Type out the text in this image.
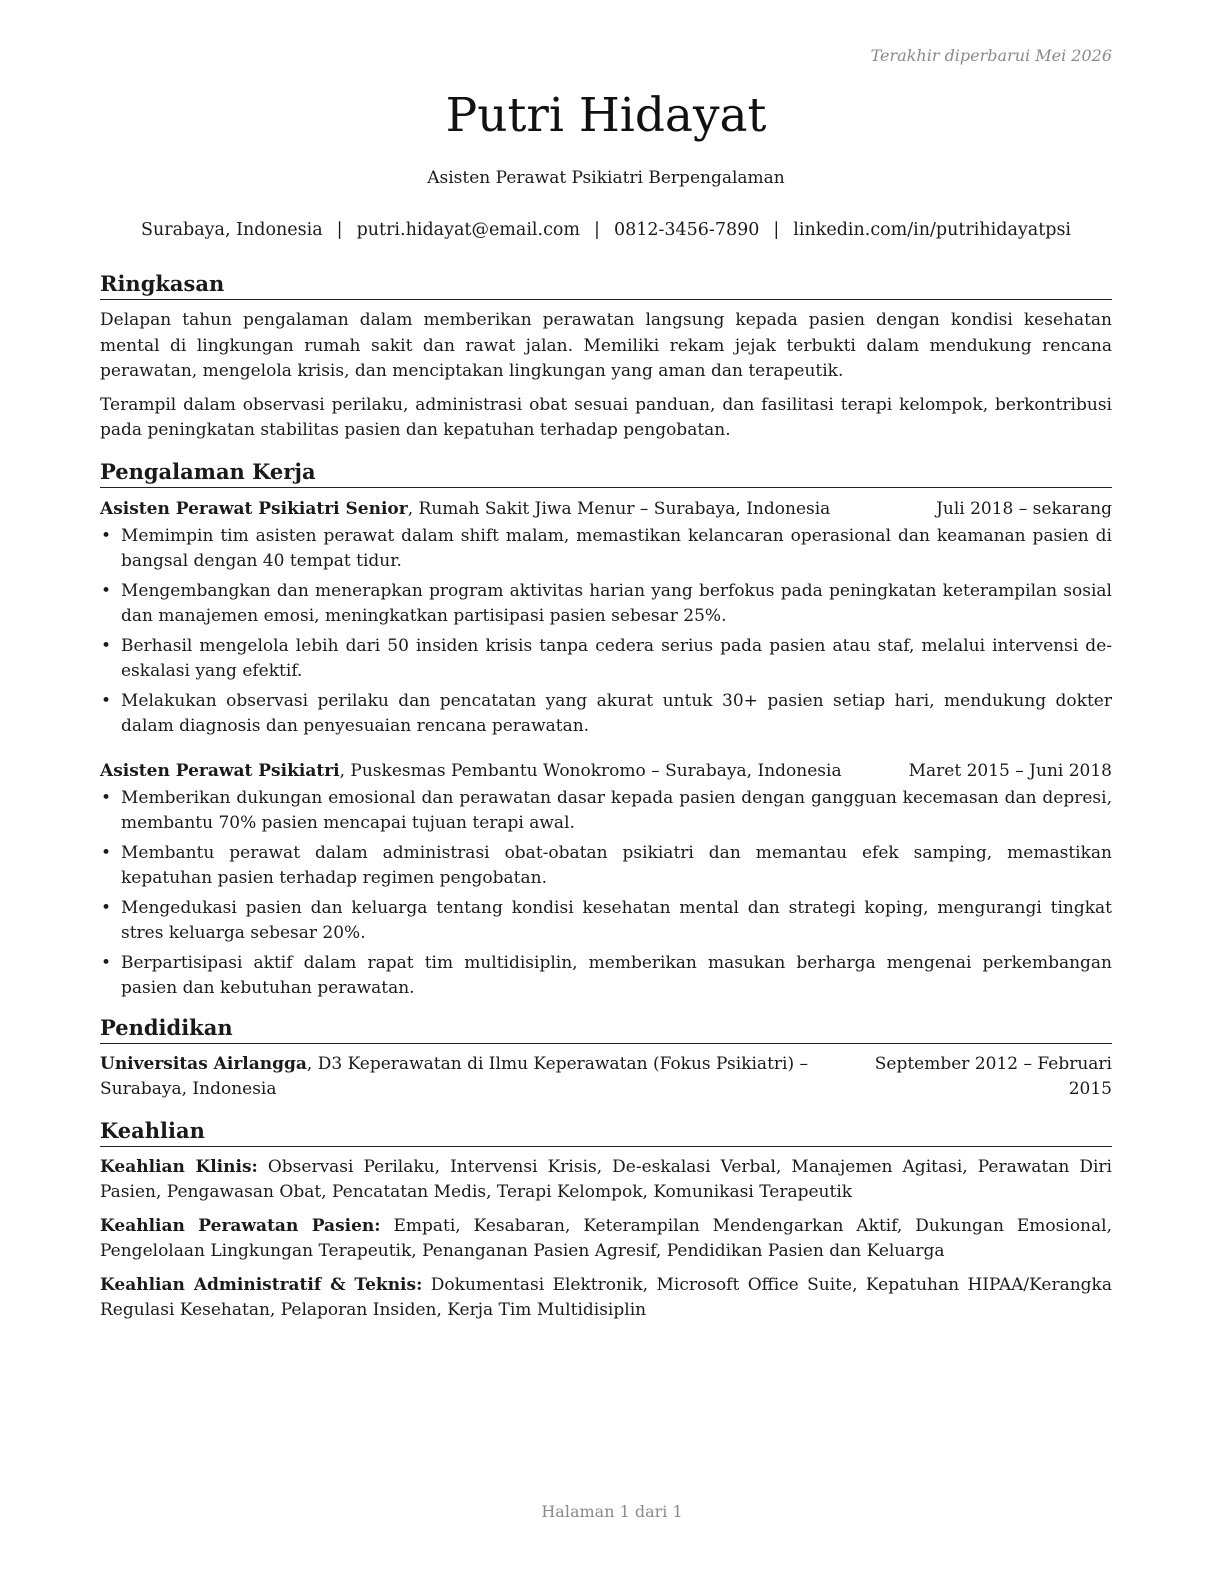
Terakhir diperbarui Mei 2026
Putri Hidayat
Asisten Perawat Psikiatri Berpengalaman
Surabaya, Indonesia | putri.hidayat@email.com | 0812-3456-7890 | linkedin.com/in/putrihidayatpsi
Ringkasan

Delapan tahun pengalaman dalam memberikan perawatan langsung kepada pasien dengan kondisi kesehatan mental di lingkungan rumah sakit dan rawat jalan. Memiliki rekam jejak terbukti dalam mendukung rencana perawatan, mengelola krisis, dan menciptakan lingkungan yang aman dan terapeutik.

Terampil dalam observasi perilaku, administrasi obat sesuai panduan, dan fasilitasi terapi kelompok, berkontribusi pada peningkatan stabilitas pasien dan kepatuhan terhadap pengobatan.

Pengalaman Kerja
Asisten Perawat Psikiatri Senior, Rumah Sakit Jiwa Menur – Surabaya, Indonesia	Juli 2018 – sekarang
• Memimpin tim asisten perawat dalam shift malam, memastikan kelancaran operasional dan keamanan pasien di bangsal dengan 40 tempat tidur.
• Mengembangkan dan menerapkan program aktivitas harian yang berfokus pada peningkatan keterampilan sosial dan manajemen emosi, meningkatkan partisipasi pasien sebesar 25%.
• Berhasil mengelola lebih dari 50 insiden krisis tanpa cedera serius pada pasien atau staf, melalui intervensi de-eskalasi yang efektif.
• Melakukan observasi perilaku dan pencatatan yang akurat untuk 30+ pasien setiap hari, mendukung dokter dalam diagnosis dan penyesuaian rencana perawatan.
Asisten Perawat Psikiatri, Puskesmas Pembantu Wonokromo – Surabaya, Indonesia	Maret 2015 – Juni 2018
• Memberikan dukungan emosional dan perawatan dasar kepada pasien dengan gangguan kecemasan dan depresi, membantu 70% pasien mencapai tujuan terapi awal.
• Membantu perawat dalam administrasi obat-obatan psikiatri dan memantau efek samping, memastikan kepatuhan pasien terhadap regimen pengobatan.
• Mengedukasi pasien dan keluarga tentang kondisi kesehatan mental dan strategi koping, mengurangi tingkat stres keluarga sebesar 20%.
• Berpartisipasi aktif dalam rapat tim multidisiplin, memberikan masukan berharga mengenai perkembangan pasien dan kebutuhan perawatan.
Pendidikan
Universitas Airlangga, D3 Keperawatan di Ilmu Keperawatan (Fokus Psikiatri) – Surabaya, Indonesia
September 2012 – Februari 2015
Keahlian

Keahlian Klinis: Observasi Perilaku, Intervensi Krisis, De-eskalasi Verbal, Manajemen Agitasi, Perawatan Diri Pasien, Pengawasan Obat, Pencatatan Medis, Terapi Kelompok, Komunikasi Terapeutik

Keahlian Perawatan Pasien: Empati, Kesabaran, Keterampilan Mendengarkan Aktif, Dukungan Emosional, Pengelolaan Lingkungan Terapeutik, Penanganan Pasien Agresif, Pendidikan Pasien dan Keluarga

Keahlian Administratif & Teknis: Dokumentasi Elektronik, Microsoft Office Suite, Kepatuhan HIPAA/Kerangka Regulasi Kesehatan, Pelaporan Insiden, Kerja Tim Multidisiplin

Halaman 1 dari 1
